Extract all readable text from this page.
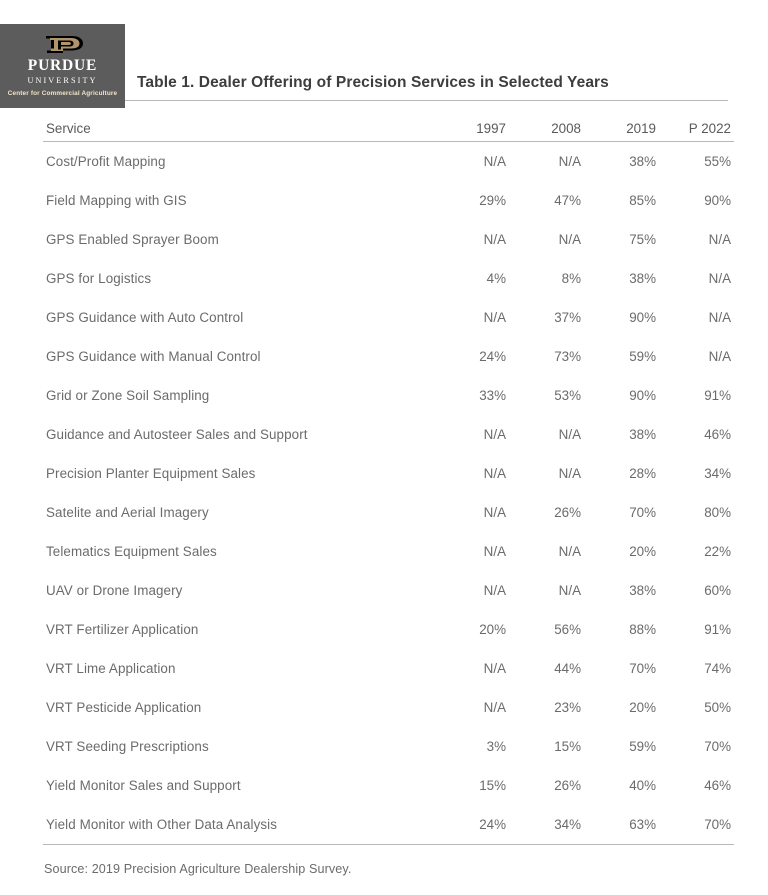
PURDUE
UNIVERSITY
Center for Commercial Agriculture
Table 1. Dealer Offering of Precision Services in Selected Years
Service	1997	2008	2019	P 2022
Cost/Profit Mapping	N/A	N/A	38%	55%
Field Mapping with GIS	29%	47%	85%	90%
GPS Enabled Sprayer Boom	N/A	N/A	75%	N/A
GPS for Logistics	4%	8%	38%	N/A
GPS Guidance with Auto Control	N/A	37%	90%	N/A
GPS Guidance with Manual Control	24%	73%	59%	N/A
Grid or Zone Soil Sampling	33%	53%	90%	91%
Guidance and Autosteer Sales and Support	N/A	N/A	38%	46%
Precision Planter Equipment Sales	N/A	N/A	28%	34%
Satelite and Aerial Imagery	N/A	26%	70%	80%
Telematics Equipment Sales	N/A	N/A	20%	22%
UAV or Drone Imagery	N/A	N/A	38%	60%
VRT Fertilizer Application	20%	56%	88%	91%
VRT Lime Application	N/A	44%	70%	74%
VRT Pesticide Application	N/A	23%	20%	50%
VRT Seeding Prescriptions	3%	15%	59%	70%
Yield Monitor Sales and Support	15%	26%	40%	46%
Yield Monitor with Other Data Analysis	24%	34%	63%	70%
Source: 2019 Precision Agriculture Dealership Survey.
